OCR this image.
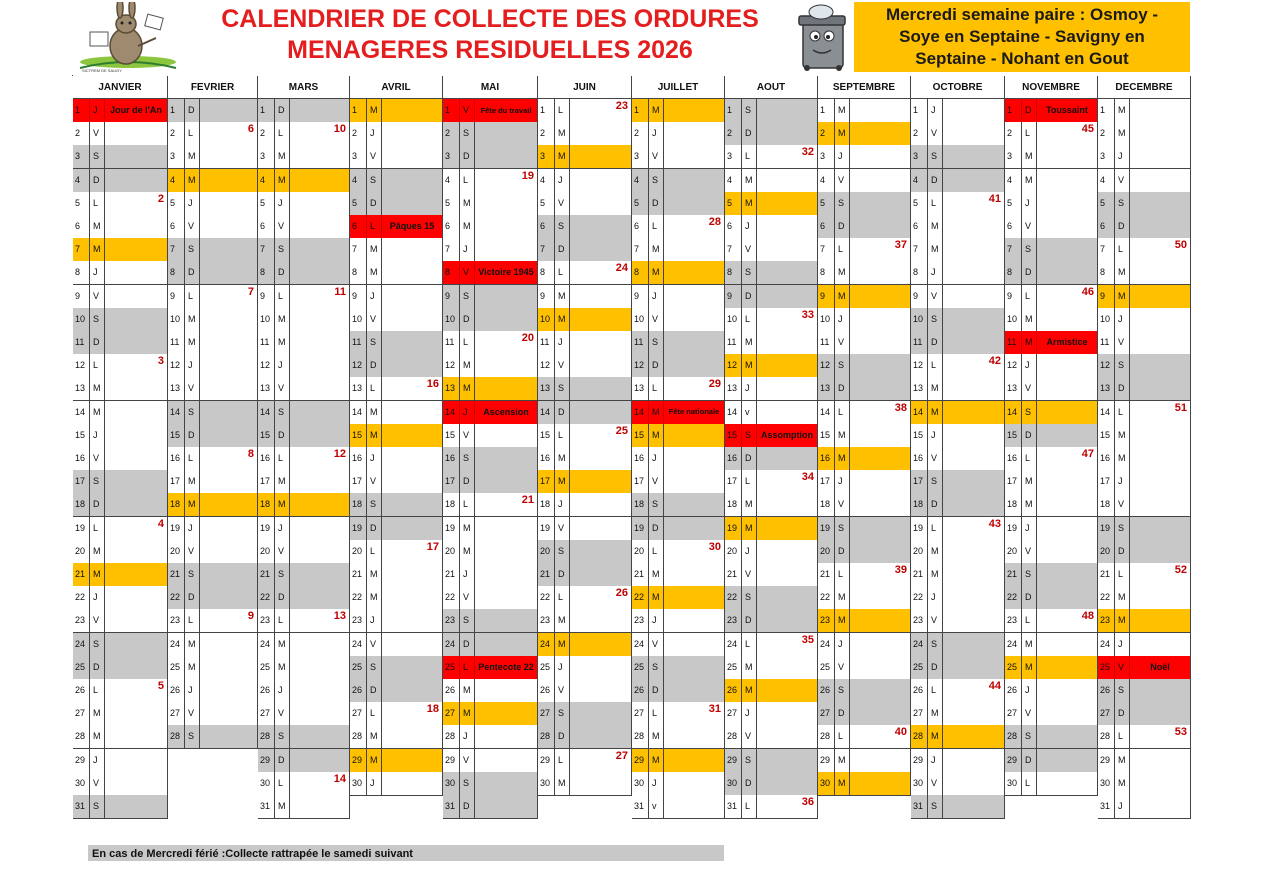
SICTREM DE SAUGY
CALENDRIER DE COLLECTE DES ORDURES
MENAGERES RESIDUELLES 2026
Mercredi semaine paire : Osmoy -
Soye en Septaine - Savigny en
Septaine - Nohant en Gout
JANVIER
1	J	Jour de l'An
2	V
3	S
4	D
5	L	2
6	M
7	M
8	J
9	V
10 S
11 D
12 L	3
13 M
14 M
15 J
16 V
17 S
18 D
19 L	4
20 M
21 M
22 J
23 V
24 S
25 D
26 L	5
27 M
28 M
29 J
30 V
31 S
FEVRIER
1	D
2	L	6
3	M
4	M
5	J
6	V
7	S
8	D
9	L	7
10 M
11 M
12 J
13 V
14 S
15 D
16 L	8
17 M
18 M
19 J
20 V
21 S
22 D
23 L	9
24 M
25 M
26 J
27 V
28 S
MARS
1	D
2	L	10
3	M
4	M
5	J
6	V
7	S
8	D
9	L	11
10 M
11 M
12 J
13 V
14 S
15 D
16 L	12
17 M
18 M
19 J
20 V
21 S
22 D
23 L	13
24 M
25 M
26 J
27 V
28 S
29 D
30 L	14
31 M
AVRIL
1	M
2	J
3	V
4	S
5	D
6	L	Pâques 15
7	M
8	M
9	J
10 V
11 S
12 D
13 L	16
14 M
15 M
16 J
17 V
18 S
19 D
20 L	17
21 M
22 M
23 J
24 V
25 S
26 D
27 L	18
28 M
29 M
30 J
MAI
1	V	Fête du travail
2	S
3	D
4	L	19
5	M
6	M
7	J
8	V	Victoire 1945
9	S
10 D
11 L	20
12 M
13 M
14 J	Ascension
15 V
16 S
17 D
18 L	21
19 M
20 M
21 J
22 V
23 S
24 D
25 L	Pentecote 22
26 M
27 M
28 J
29 V
30 S
31 D
JUIN
1	L	23
2	M
3	M
4	J
5	V
6	S
7	D
8	L	24
9	M
10 M
11 J
12 V
13 S
14 D
15 L	25
16 M
17 M
18 J
19 V
20 S
21 D
22 L	26
23 M
24 M
25 J
26 V
27 S
28 D
29 L	27
30 M
JUILLET
1	M
2	J
3	V
4	S
5	D
6	L	28
7	M
8	M
9	J
10 V
11 S
12 D
13 L	29
14 M	Fête nationale
15 M
16 J
17 V
18 S
19 D
20 L	30
21 M
22 M
23 J
24 V
25 S
26 D
27 L	31
28 M
29 M
30 J
31 v
AOUT
1	S
2	D
3	L	32
4	M
5	M
6	J
7	V
8	S
9	D
10 L	33
11 M
12 M
13 J
14 v
15 S	Assomption
16 D
17 L	34
18 M
19 M
20 J
21 V
22 S
23 D
24 L	35
25 M
26 M
27 J
28 V
29 S
30 D
31 L	36
SEPTEMBRE
1	M
2	M
3	J
4	V
5	S
6	D
7	L	37
8	M
9	M
10 J
11 V
12 S
13 D
14 L	38
15 M
16 M
17 J
18 V
19 S
20 D
21 L	39
22 M
23 M
24 J
25 V
26 S
27 D
28 L	40
29 M
30 M
OCTOBRE
1	J
2	V
3	S
4	D
5	L	41
6	M
7	M
8	J
9	V
10 S
11 D
12 L	42
13 M
14 M
15 J
16 V
17 S
18 D
19 L	43
20 M
21 M
22 J
23 V
24 S
25 D
26 L	44
27 M
28 M
29 J
30 V
31 S
NOVEMBRE
1	D	Toussaint
2	L	45
3	M
4	M
5	J
6	V
7	S
8	D
9	L	46
10 M
11 M	Armistice
12 J
13 V
14 S
15 D
16 L	47
17 M
18 M
19 J
20 V
21 S
22 D
23 L	48
24 M
25 M
26 J
27 V
28 S
29 D
30 L
DECEMBRE
1	M
2	M
3	J
4	V
5	S
6	D
7	L	50
8	M
9	M
10 J
11 V
12 S
13 D
14 L	51
15 M
16 M
17 J
18 V
19 S
20 D
21 L	52
22 M
23 M
24 J
25 V	Noël
26 S
27 D
28 L	53
29 M
30 M
31 J
En cas de Mercredi férié :Collecte rattrapée le samedi suivant
